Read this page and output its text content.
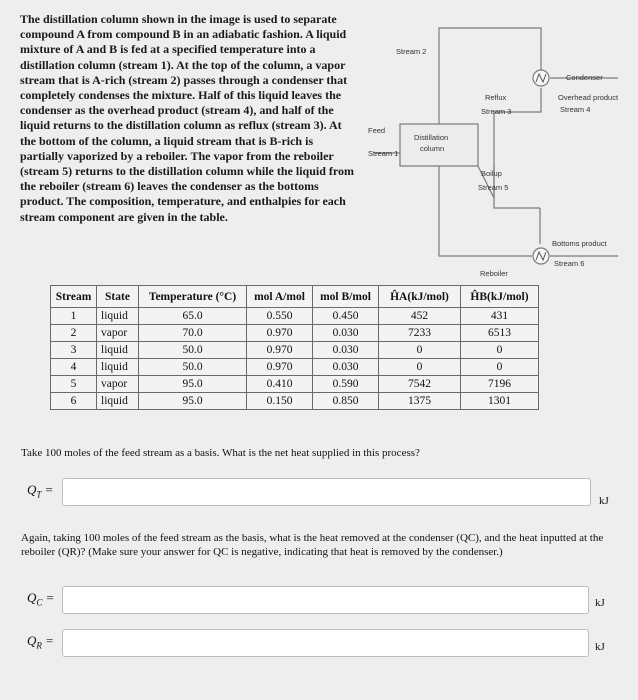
The distillation column shown in the image is used to separate compound A from compound B in an adiabatic fashion. A liquid mixture of A and B is fed at a specified temperature into a distillation column (stream 1). At the top of the column, a vapor stream that is A-rich (stream 2) passes through a condenser that completely condenses the mixture. Half of this liquid leaves the condenser as the overhead product (stream 4), and half of the liquid returns to the distillation column as reflux (stream 3). At the bottom of the column, a liquid stream that is B-rich is partially vaporized by a reboiler. The vapor from the reboiler (stream 5) returns to the distillation column while the liquid from the reboiler (stream 6) leaves the condenser as the bottoms product. The composition, temperature, and enthalpies for each stream component are given in the table.
Stream 2
Condenser
Reflux
Stream 3
Overhead product
Stream 4
Feed
Stream 1
Distillation
column
Boilup
Stream 5
Bottoms product
Stream 6
Reboiler
Stream	State	Temperature (°C)	mol A/mol	mol B/mol	ĤA(kJ/mol)	ĤB(kJ/mol)
1	liquid	65.0	0.550	0.450	452	431
2	vapor	70.0	0.970	0.030	7233	6513
3	liquid	50.0	0.970	0.030	0	0
4	liquid	50.0	0.970	0.030	0	0
5	vapor	95.0	0.410	0.590	7542	7196
6	liquid	95.0	0.150	0.850	1375	1301
Take 100 moles of the feed stream as a basis. What is the net heat supplied in this process?
$Q_T$ =
kJ
Again, taking 100 moles of the feed stream as the basis, what is the heat removed at the condenser (QC), and the heat inputted at the reboiler (QR)? (Make sure your answer for QC is negative, indicating that heat is removed by the condenser.)
$Q_C$ =	kJ
$Q_R$ =	kJ
